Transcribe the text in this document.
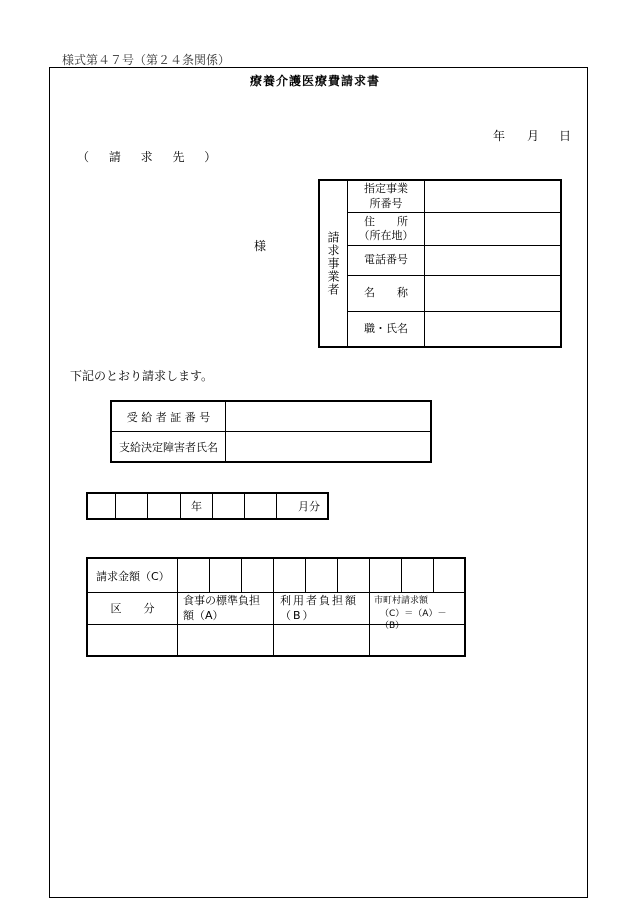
様式第４７号（第２４条関係）
療養介護医療費請求書
年 月 日
（ 請 求 先 ）
様	請求事業者
指定事業
所番号
住　　所
（所在地）
電話番号
名　　称
職・氏名
下記のとおり請求します。
受 給 者 証 番 号
支給決定障害者氏名
年	月分
請求金額（C）
区　　分
食事の標準負担
額（A）
利用者負担額
（B）
市町村請求額
（C）＝（A）－（B）
